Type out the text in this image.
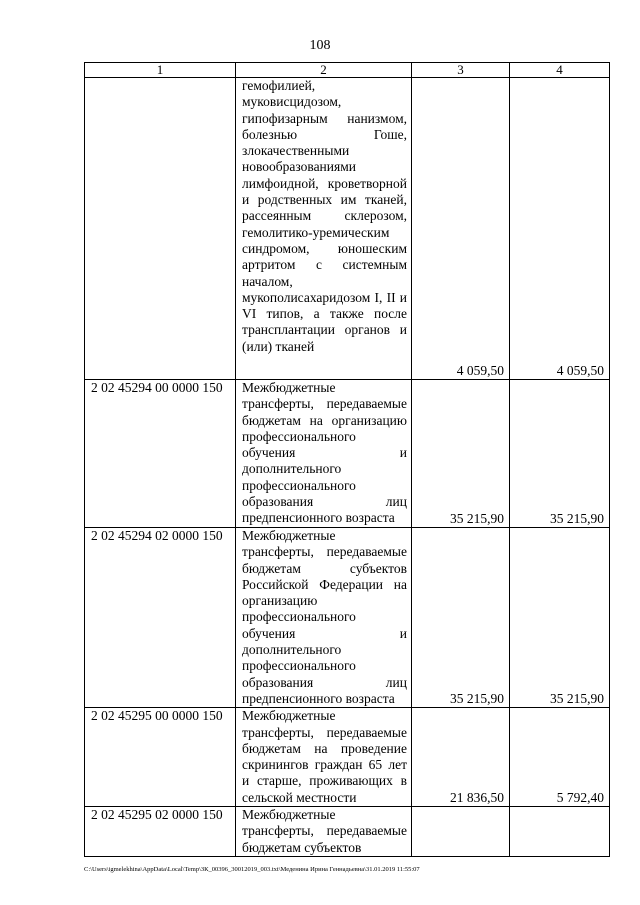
108
1	2	3	4

	гемофилией, муковисцидозом, гипофизарным нанизмом, болезнью Гоше, злокачественными новообразованиями лимфоидной, кроветворной и родственных им тканей, рассеянным склерозом, гемолитико-уремическим синдромом, юношеским артритом с системным началом, мукополисахаридозом I, II и VI типов, а также после трансплантации органов и (или) тканей	4 059,50	4 059,50
2 02 45294 00 0000 150	Межбюджетные трансферты, передаваемые бюджетам на организацию профессионального обучения и дополнительного профессионального образования лиц предпенсионного возраста	35 215,90	35 215,90
2 02 45294 02 0000 150	Межбюджетные трансферты, передаваемые бюджетам субъектов Российской Федерации на организацию профессионального обучения и дополнительного профессионального образования лиц предпенсионного возраста	35 215,90	35 215,90
2 02 45295 00 0000 150	Межбюджетные трансферты, передаваемые бюджетам на проведение скринингов граждан 65 лет и старше, проживающих в сельской местности	21 836,50	5 792,40
2 02 45295 02 0000 150	Межбюджетные трансферты, передаваемые бюджетам субъектов		

C:\Users\igmelekhina\AppData\Local\Temp\ЗК_00396_30012019_003.txt\Меденина Ирина Геннадьевна\31.01.2019 11:55:07
